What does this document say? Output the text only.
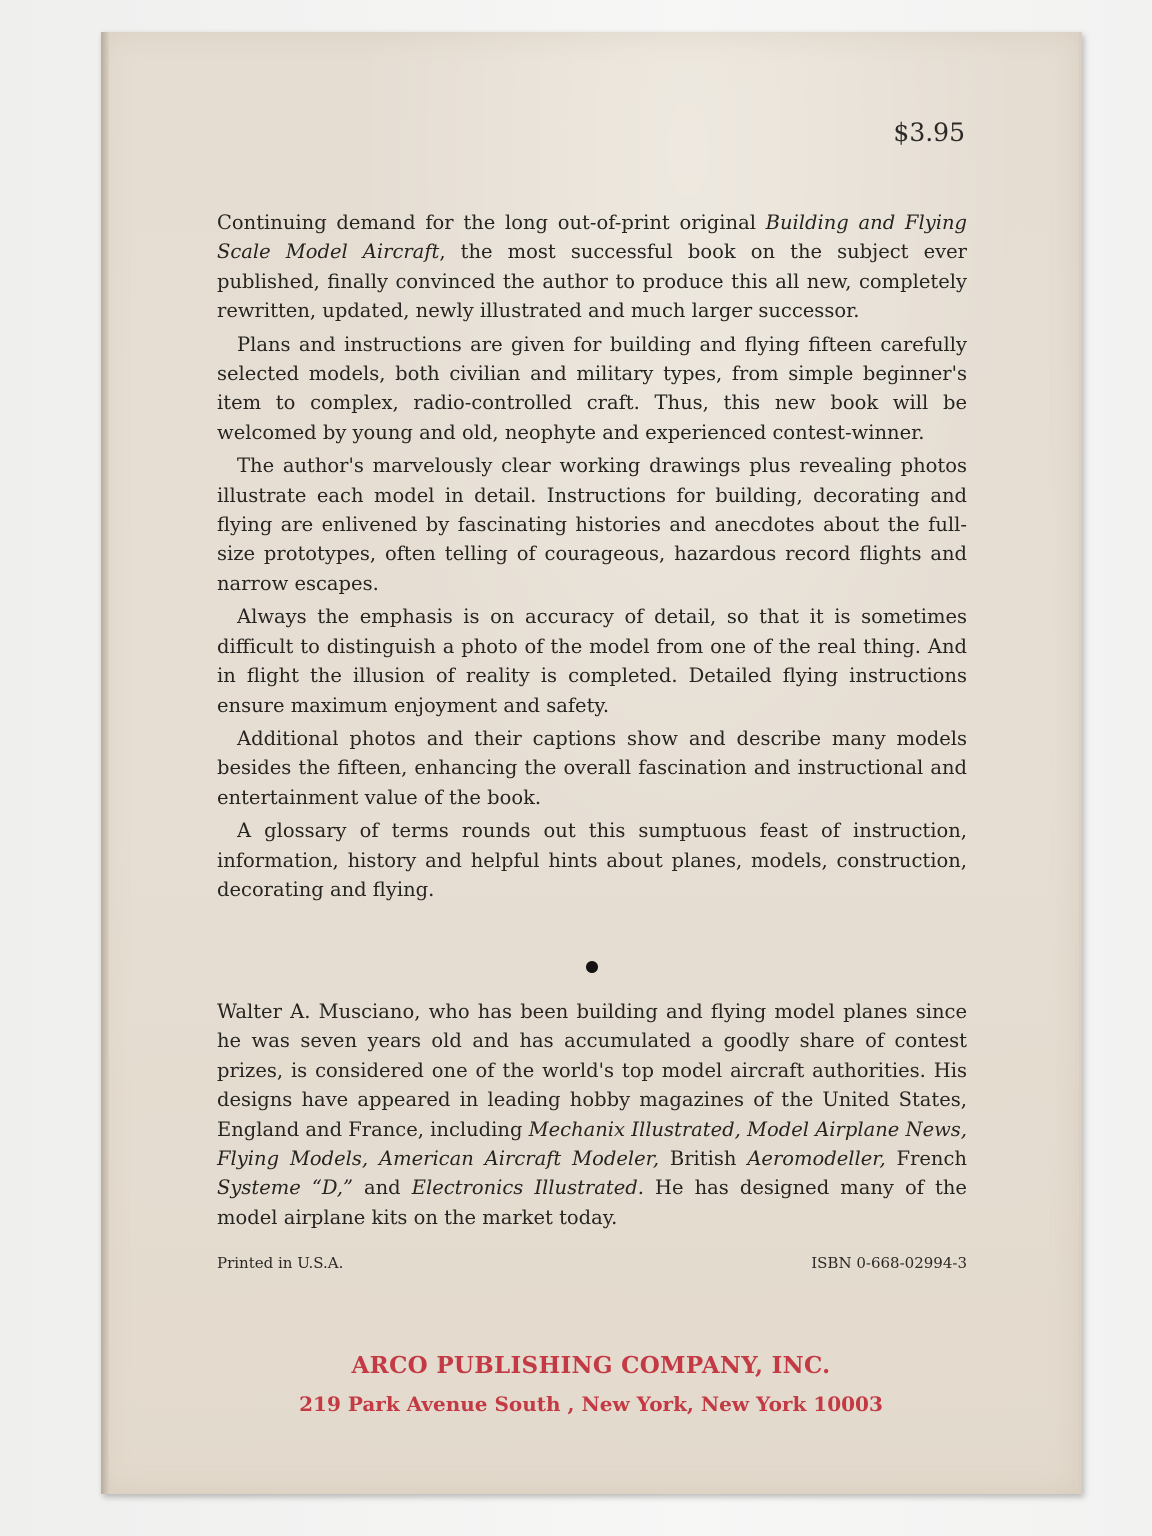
$3.95

Continuing demand for the long out-of-print original Building and Flying Scale Model Aircraft, the most successful book on the subject ever published, finally convinced the author to produce this all new, completely rewritten, updated, newly illustrated and much larger successor.

Plans and instructions are given for building and flying fifteen carefully selected models, both civilian and military types, from simple beginner's item to complex, radio-controlled craft. Thus, this new book will be welcomed by young and old, neophyte and experienced contest-winner.

The author's marvelously clear working drawings plus revealing photos illustrate each model in detail. Instructions for building, decorating and flying are enlivened by fascinating histories and anecdotes about the full-size prototypes, often telling of courageous, hazardous record flights and narrow escapes.

Always the emphasis is on accuracy of detail, so that it is sometimes difficult to distinguish a photo of the model from one of the real thing. And in flight the illusion of reality is completed. Detailed flying instructions ensure maximum enjoyment and safety.

Additional photos and their captions show and describe many models besides the fifteen, enhancing the overall fascination and instructional and entertainment value of the book.

A glossary of terms rounds out this sumptuous feast of instruction, information, history and helpful hints about planes, models, construction, decorating and flying.

Walter A. Musciano, who has been building and flying model planes since he was seven years old and has accumulated a goodly share of contest prizes, is considered one of the world's top model aircraft authorities. His designs have appeared in leading hobby magazines of the United States, England and France, including Mechanix Illustrated, Model Airplane News, Flying Models, American Aircraft Modeler, British Aeromodeller, French Systeme “D,” and Electronics Illustrated. He has designed many of the model airplane kits on the market today.

Printed in U.S.A.	ISBN 0-668-02994-3
ARCO PUBLISHING COMPANY, INC.
219 Park Avenue South , New York, New York 10003
